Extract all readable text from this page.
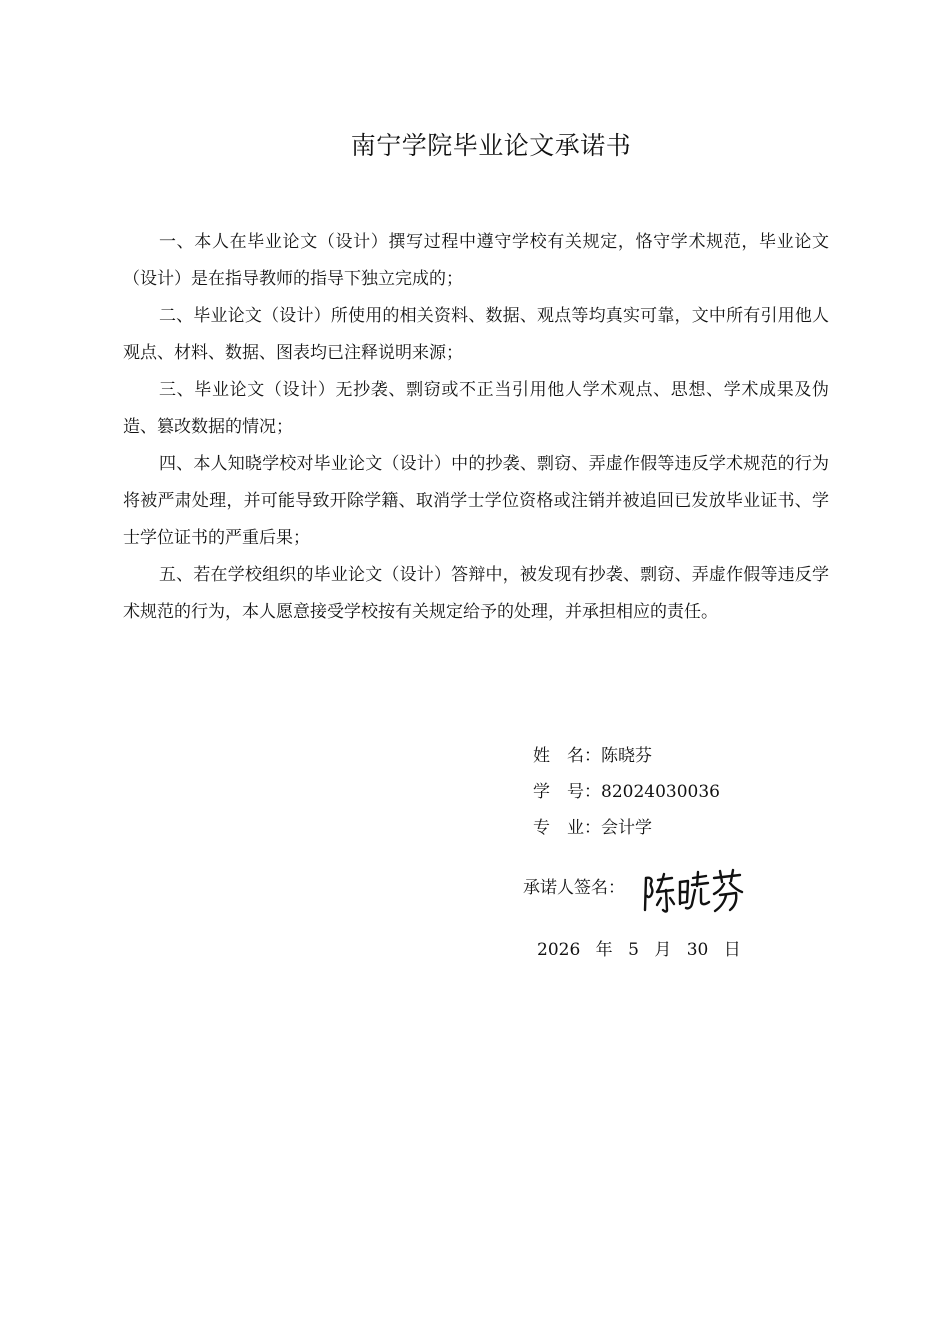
南宁学院毕业论文承诺书

一、本人在毕业论文（设计）撰写过程中遵守学校有关规定，恪守学术规范，毕业论文（设计）是在指导教师的指导下独立完成的；

二、毕业论文（设计）所使用的相关资料、数据、观点等均真实可靠，文中所有引用他人观点、材料、数据、图表均已注释说明来源；

三、毕业论文（设计）无抄袭、剽窃或不正当引用他人学术观点、思想、学术成果及伪造、篡改数据的情况；

四、本人知晓学校对毕业论文（设计）中的抄袭、剽窃、弄虚作假等违反学术规范的行为将被严肃处理，并可能导致开除学籍、取消学士学位资格或注销并被追回已发放毕业证书、学士学位证书的严重后果；

五、若在学校组织的毕业论文（设计）答辩中，被发现有抄袭、剽窃、弄虚作假等违反学术规范的行为，本人愿意接受学校按有关规定给予的处理，并承担相应的责任。

姓　名：陈晓芬
学　号：82024030036
专　业：会计学
承诺人签名：
2026 年 5 月 30 日
